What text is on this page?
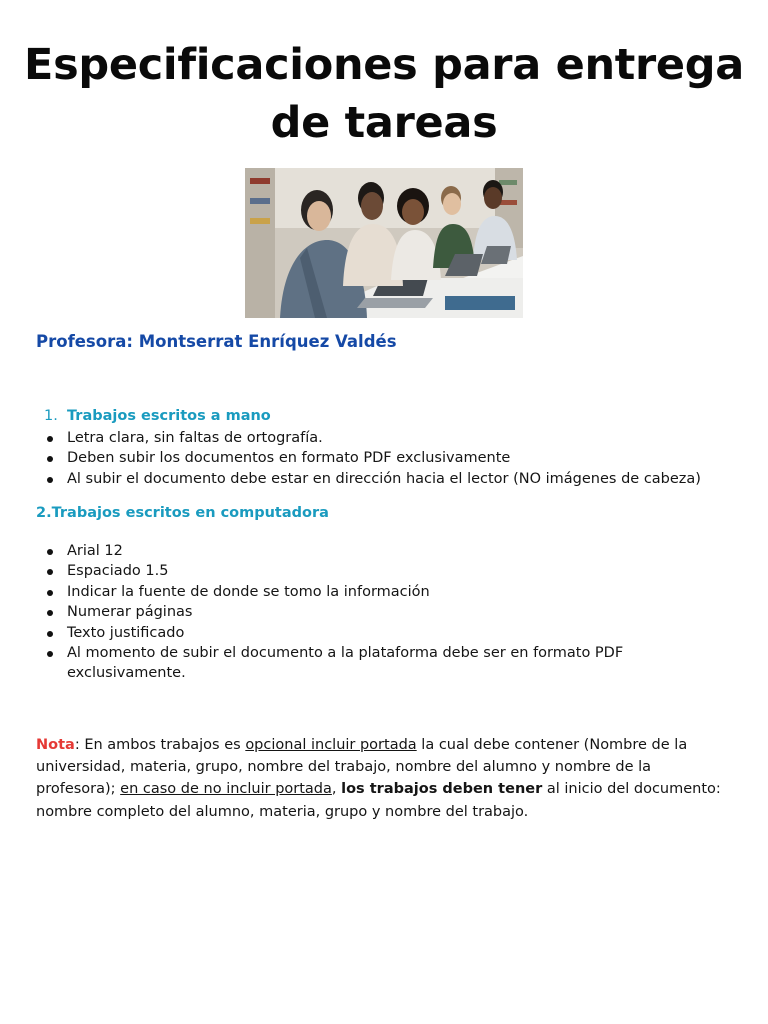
Especificaciones para entrega de tareas
Profesora: Montserrat Enríquez Valdés
1. Trabajos escritos a mano
Letra clara, sin faltas de ortografía.
Deben subir los documentos en formato PDF exclusivamente
Al subir el documento debe estar en dirección hacia el lector (NO imágenes de cabeza)
2.Trabajos escritos en computadora
Arial 12
Espaciado 1.5
Indicar la fuente de donde se tomo la información
Numerar páginas
Texto justificado
Al momento de subir el documento a la plataforma debe ser en formato PDF exclusivamente.
Nota: En ambos trabajos es opcional incluir portada la cual debe contener (Nombre de la universidad, materia, grupo, nombre del trabajo, nombre del alumno y nombre de la profesora); en caso de no incluir portada, los trabajos deben tener al inicio del documento: nombre completo del alumno, materia, grupo y nombre del trabajo.
